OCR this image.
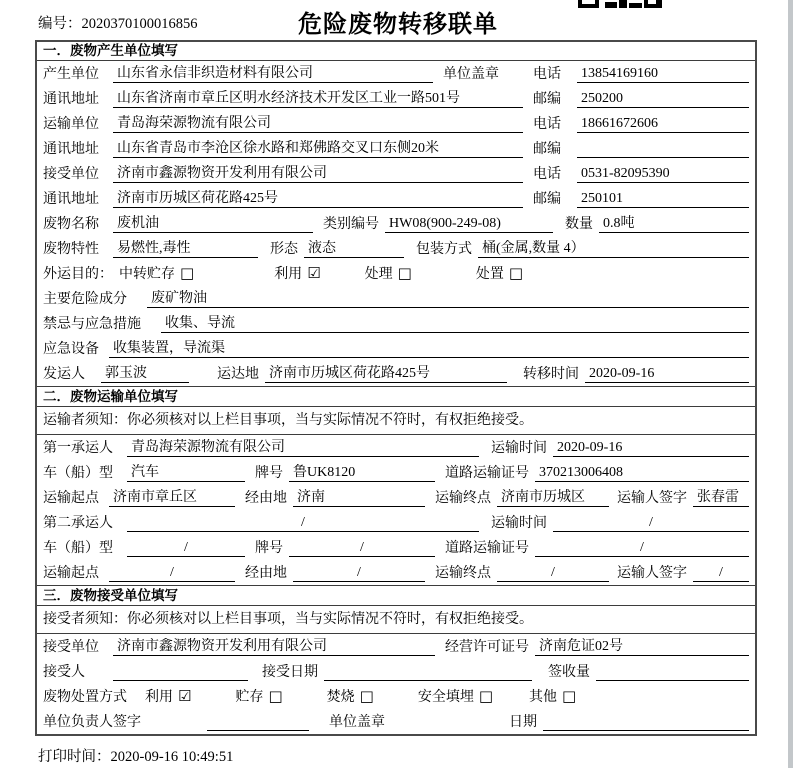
编号：2020370100016856	危险废物转移联单
一．废物产生单位填写
产生单位	山东省永信非织造材料有限公司	单位盖章	电话	13854169160
通讯地址	山东省济南市章丘区明水经济技术开发区工业一路501号	邮编	250200
运输单位	青岛海荣源物流有限公司	电话	18661672606
通讯地址	山东省青岛市李沧区徐水路和郑佛路交叉口东侧20米	邮编
接受单位	济南市鑫源物资开发利用有限公司	电话	0531-82095390
通讯地址	济南市历城区荷花路425号	邮编	250101
废物名称	废机油	类别编号 HW08(900-249-08)	数量 0.8吨
废物特性	易燃性,毒性	形态 液态	包装方式 桶(金属,数量 4）
外运目的： 中转贮存 □	利用 ☑	处理 □	处置 □
主要危险成分	废矿物油
禁忌与应急措施	收集、导流
应急设备	收集装置，导流渠
发运人	郭玉波	运达地 济南市历城区荷花路425号	转移时间 2020-09-16
二．废物运输单位填写
运输者须知：你必须核对以上栏目事项，当与实际情况不符时，有权拒绝接受。
第一承运人	青岛海荣源物流有限公司	运输时间 2020-09-16
车（船）型	汽车	牌号 鲁UK8120	道路运输证号 370213006408
运输起点	济南市章丘区	经由地 济南	运输终点 济南市历城区	运输人签字 张春雷
第二承运人	/	运输时间	/
车（船）型	/	牌号	/	道路运输证号	/
运输起点	/	经由地	/	运输终点	/	运输人签字	/
三．废物接受单位填写
接受者须知：你必须核对以上栏目事项，当与实际情况不符时，有权拒绝接受。
接受单位	济南市鑫源物资开发利用有限公司	经营许可证号 济南危证02号
接受人	接受日期	签收量
废物处置方式	利用 ☑	贮存 □	焚烧 □	安全填埋 □	其他 □
单位负责人签字	单位盖章	日期
打印时间：2020-09-16 10:49:51
